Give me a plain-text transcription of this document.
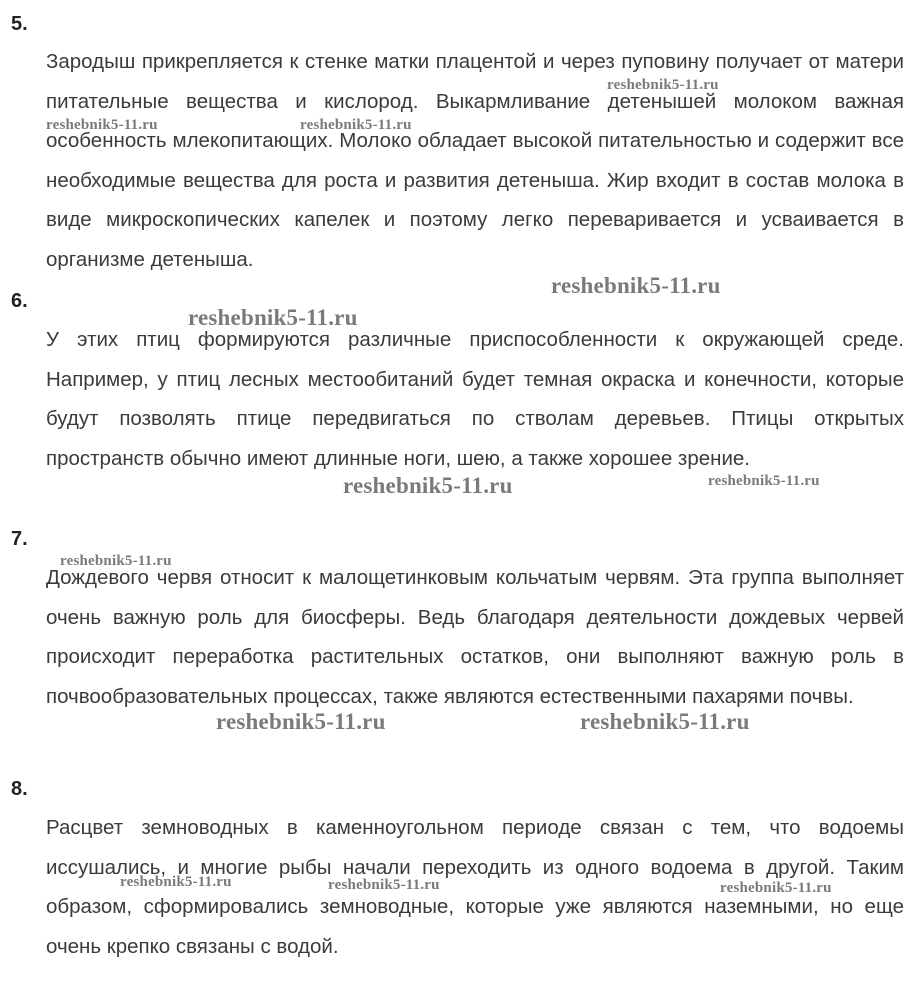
5.

Зародыш прикрепляется к стенке матки плацентой и через пуповину получает от матери питательные вещества и кислород. Выкармливание детенышей молоком важная особенность млекопитающих. Молоко обладает высокой питательностью и содержит все необходимые вещества для роста и развития детеныша. Жир входит в состав молока в виде микроскопических капелек и поэтому легко переваривается и усваивается в организме детеныша.

6.

У этих птиц формируются различные приспособленности к окружающей среде. Например, у птиц лесных местообитаний будет темная окраска и конечности, которые будут позволять птице передвигаться по стволам деревьев. Птицы открытых пространств обычно имеют длинные ноги, шею, а также хорошее зрение.

7.

Дождевого червя относит к малощетинковым кольчатым червям. Эта группа выполняет очень важную роль для биосферы. Ведь благодаря деятельности дождевых червей происходит переработка растительных остатков, они выполняют важную роль в почвообразовательных процессах, также являются естественными пахарями почвы.

8.

Расцвет земноводных в каменноугольном периоде связан с тем, что водоемы иссушались, и многие рыбы начали переходить из одного водоема в другой. Таким образом, сформировались земноводные, которые уже являются наземными, но еще очень крепко связаны с водой.

reshebnik5-11.ru
reshebnik5-11.ru	reshebnik5-11.ru
reshebnik5-11.ru
reshebnik5-11.ru
reshebnik5-11.ru	reshebnik5-11.ru
reshebnik5-11.ru
reshebnik5-11.ru	reshebnik5-11.ru
reshebnik5-11.ru	reshebnik5-11.ru	reshebnik5-11.ru
